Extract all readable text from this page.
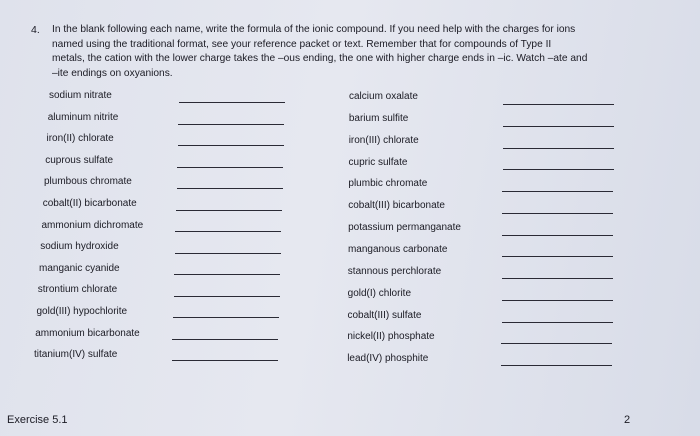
4. In the blank following each name, write the formula of the ionic compound. If you need help with the charges for ions

named using the traditional format, see your reference packet or text. Remember that for compounds of Type II

metals, the cation with the lower charge takes the –ous ending, the one with higher charge ends in –ic. Watch –ate and

–ite endings on oxyanions.

sodium nitrate
aluminum nitrite
iron(II) chlorate
cuprous sulfate
plumbous chromate
cobalt(II) bicarbonate
ammonium dichromate
sodium hydroxide
manganic cyanide
strontium chlorate
gold(III) hypochlorite
ammonium bicarbonate
titanium(IV) sulfate
calcium oxalate
barium sulfite
iron(III) chlorate
cupric sulfate
plumbic chromate
cobalt(III) bicarbonate
potassium permanganate
manganous carbonate
stannous perchlorate
gold(I) chlorite
cobalt(III) sulfate
nickel(II) phosphate
lead(IV) phosphite
Exercise 5.1	2
